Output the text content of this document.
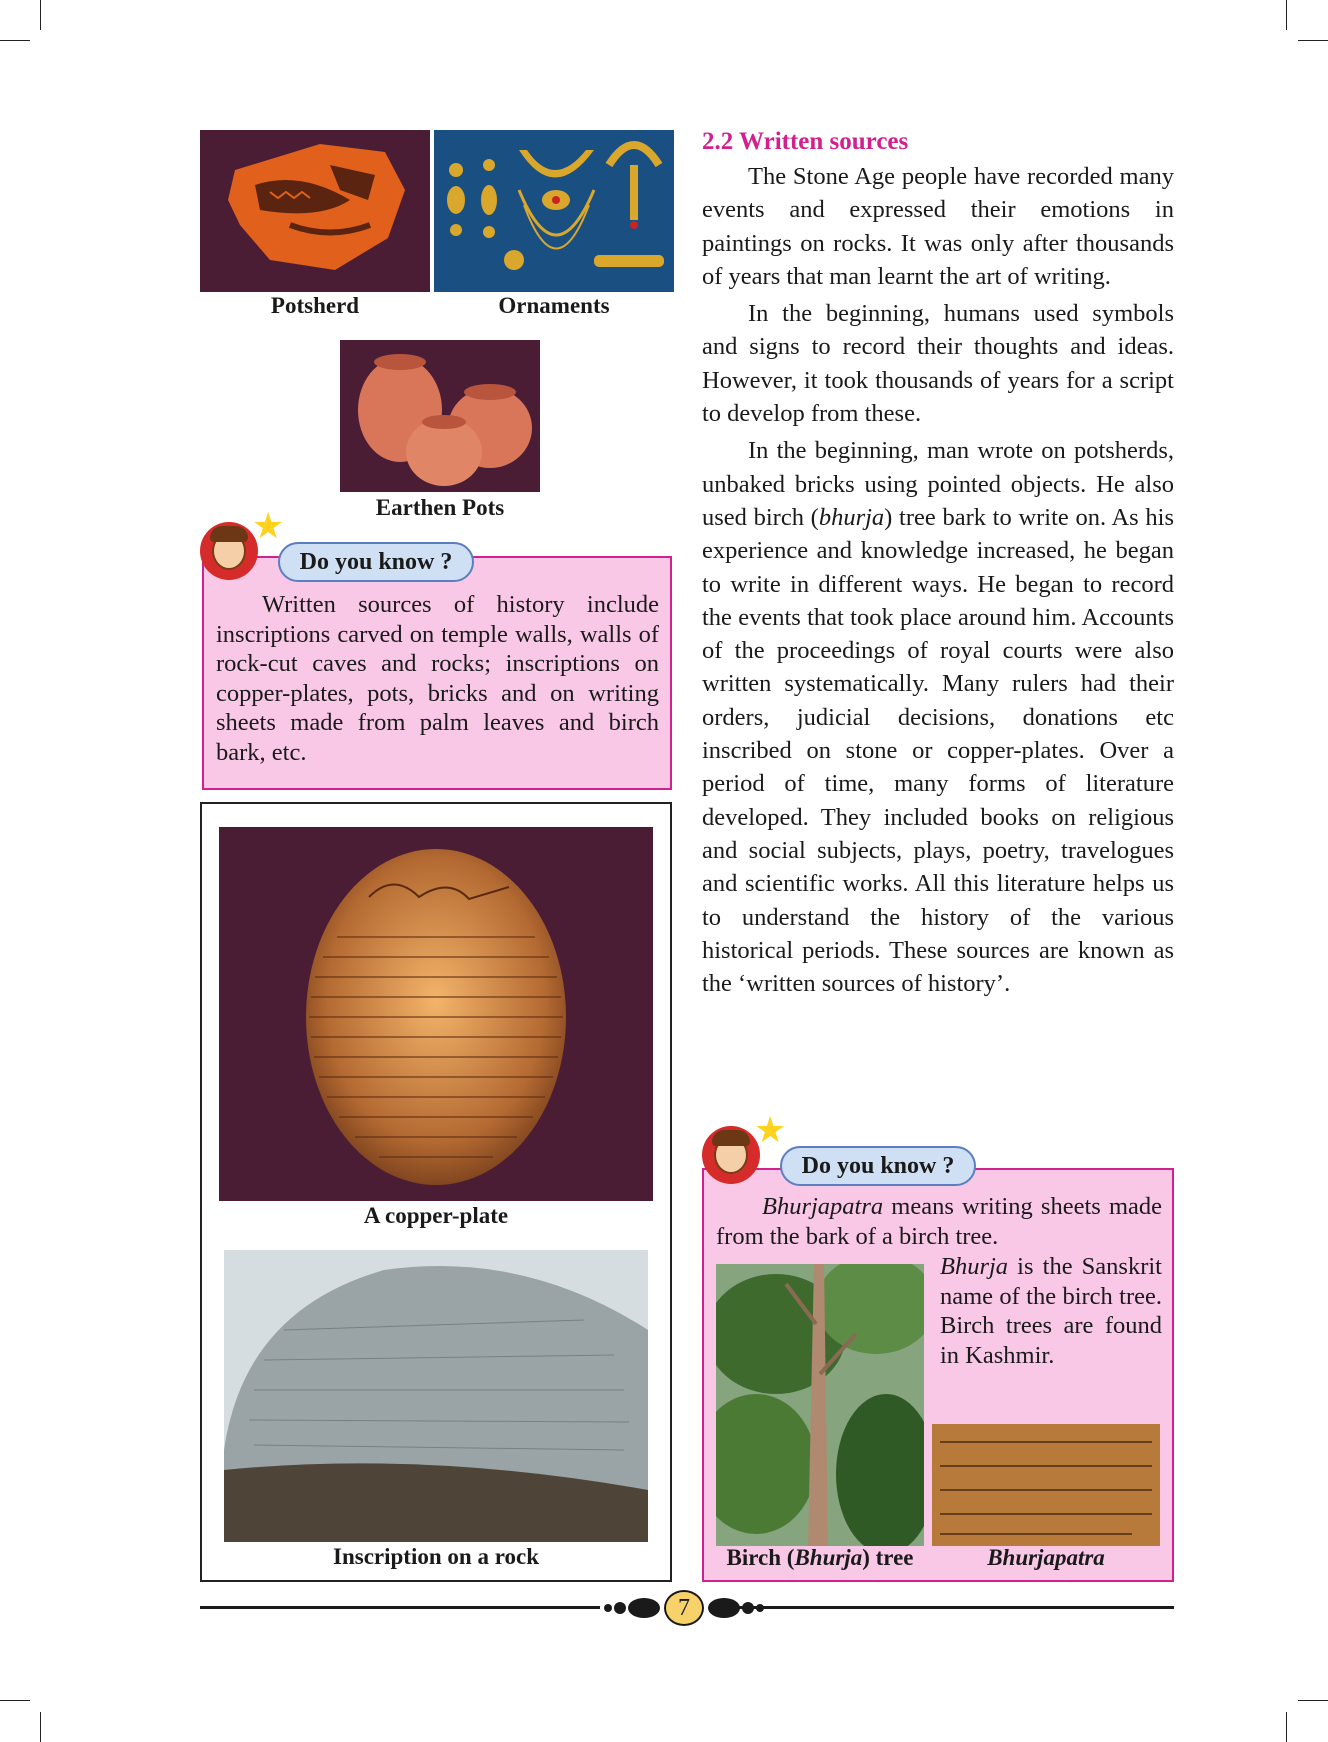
Potsherd	Ornaments
Earthen Pots

Written sources of history include inscriptions carved on temple walls, walls of rock-cut caves and rocks; inscriptions on copper-plates, pots, bricks and on writing sheets made from palm leaves and birch bark, etc.

★
Do you know ?
A copper-plate
Inscription on a rock
2.2 Written sources

The Stone Age people have recorded many events and expressed their emotions in paintings on rocks. It was only after thousands of years that man learnt the art of writing.

In the beginning, humans used symbols and signs to record their thoughts and ideas. However, it took thousands of years for a script to develop from these.

In the beginning, man wrote on potsherds, unbaked bricks using pointed objects. He also used birch (bhurja) tree bark to write on. As his experience and knowledge increased, he began to write in different ways. He began to record the events that took place around him. Accounts of the proceedings of royal courts were also written systematically. Many rulers had their orders, judicial decisions, donations etc inscribed on stone or copper-plates. Over a period of time, many forms of literature developed. They included books on religious and social subjects, plays, poetry, travelogues and scientific works. All this literature helps us to understand the history of the various historical periods. These sources are known as the ‘written sources of history’.

Bhurjapatra means writing sheets made from the bark of a birch tree.

Bhurja is the Sanskrit name of the birch tree. Birch trees are found in Kashmir.

★
Do you know ?
Birch (Bhurja) tree	Bhurjapatra
7
